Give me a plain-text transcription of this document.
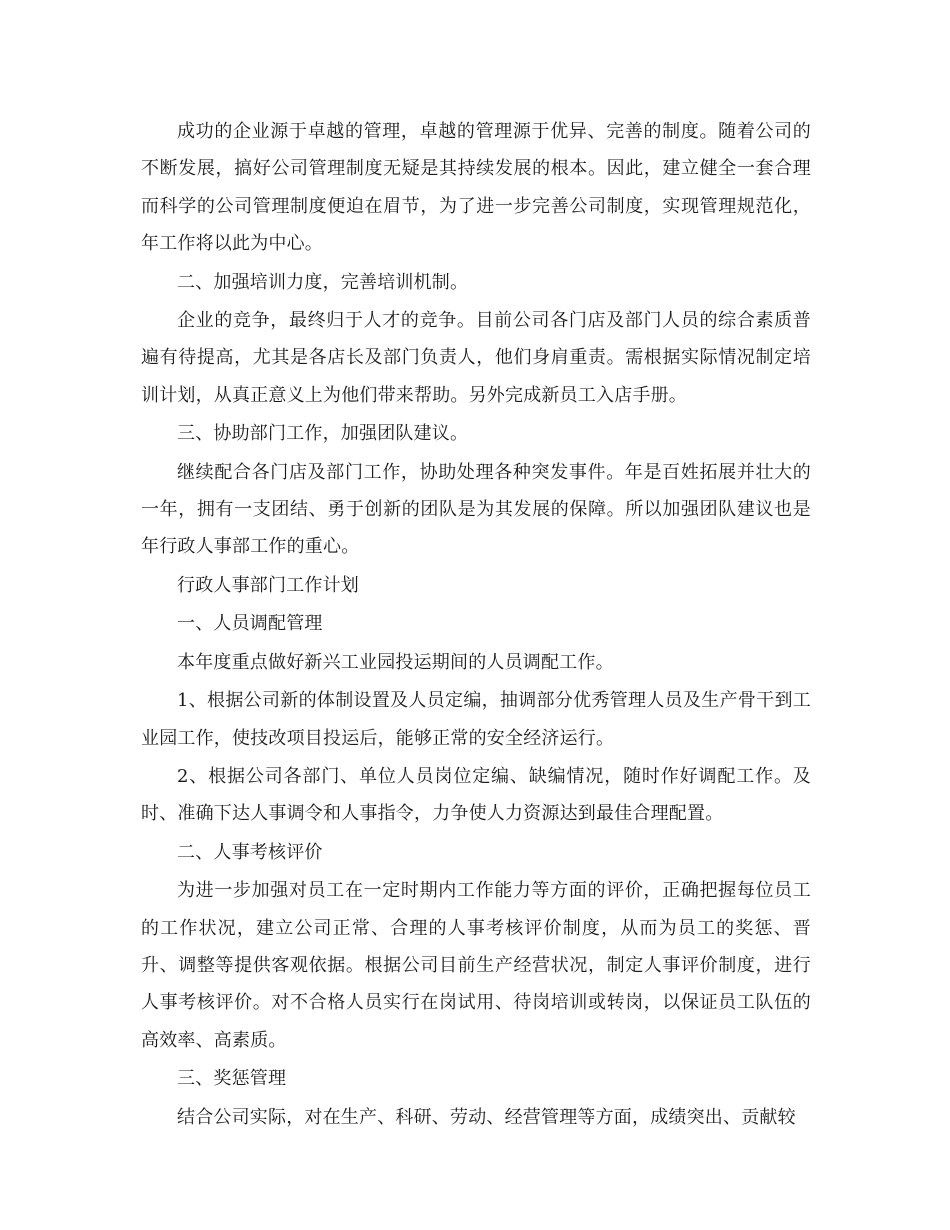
成功的企业源于卓越的管理，卓越的管理源于优异、完善的制度。随着公司的不断发展，搞好公司管理制度无疑是其持续发展的根本。因此，建立健全一套合理而科学的公司管理制度便迫在眉节，为了进一步完善公司制度，实现管理规范化，年工作将以此为中心。

二、加强培训力度，完善培训机制。

企业的竞争，最终归于人才的竞争。目前公司各门店及部门人员的综合素质普遍有待提高，尤其是各店长及部门负责人，他们身肩重责。需根据实际情况制定培训计划，从真正意义上为他们带来帮助。另外完成新员工入店手册。

三、协助部门工作，加强团队建议。

继续配合各门店及部门工作，协助处理各种突发事件。年是百姓拓展并壮大的一年，拥有一支团结、勇于创新的团队是为其发展的保障。所以加强团队建议也是年行政人事部工作的重心。

行政人事部门工作计划

一、人员调配管理

本年度重点做好新兴工业园投运期间的人员调配工作。

1、根据公司新的体制设置及人员定编，抽调部分优秀管理人员及生产骨干到工业园工作，使技改项目投运后，能够正常的安全经济运行。

2、根据公司各部门、单位人员岗位定编、缺编情况，随时作好调配工作。及时、准确下达人事调令和人事指令，力争使人力资源达到最佳合理配置。

二、人事考核评价

为进一步加强对员工在一定时期内工作能力等方面的评价，正确把握每位员工的工作状况，建立公司正常、合理的人事考核评价制度，从而为员工的奖惩、晋升、调整等提供客观依据。根据公司目前生产经营状况，制定人事评价制度，进行人事考核评价。对不合格人员实行在岗试用、待岗培训或转岗，以保证员工队伍的高效率、高素质。

三、奖惩管理

结合公司实际，对在生产、科研、劳动、经营管理等方面，成绩突出、贡献较
